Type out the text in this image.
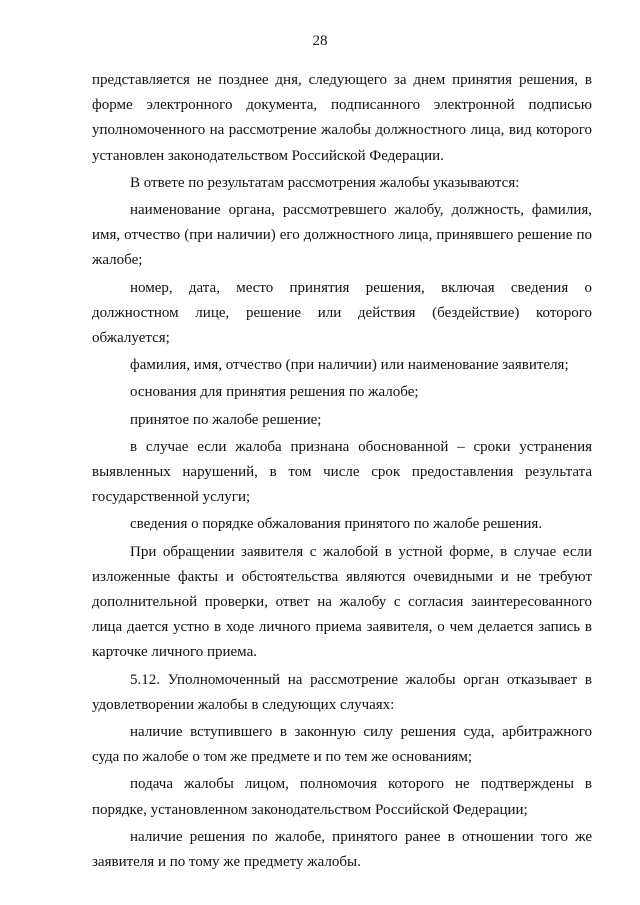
28

представляется не позднее дня, следующего за днем принятия решения, в форме электронного документа, подписанного электронной подписью уполномоченного на рассмотрение жалобы должностного лица, вид которого установлен законодательством Российской Федерации.

В ответе по результатам рассмотрения жалобы указываются:

наименование органа, рассмотревшего жалобу, должность, фамилия, имя, отчество (при наличии) его должностного лица, принявшего решение по жалобе;

номер, дата, место принятия решения, включая сведения о должностном лице, решение или действия (бездействие) которого обжалуется;

фамилия, имя, отчество (при наличии) или наименование заявителя;

основания для принятия решения по жалобе;

принятое по жалобе решение;

в случае если жалоба признана обоснованной – сроки устранения выявленных нарушений, в том числе срок предоставления результата государственной услуги;

сведения о порядке обжалования принятого по жалобе решения.

При обращении заявителя с жалобой в устной форме, в случае если изложенные факты и обстоятельства являются очевидными и не требуют дополнительной проверки, ответ на жалобу с согласия заинтересованного лица дается устно в ходе личного приема заявителя, о чем делается запись в карточке личного приема.

5.12. Уполномоченный на рассмотрение жалобы орган отказывает в удовлетворении жалобы в следующих случаях:

наличие вступившего в законную силу решения суда, арбитражного суда по жалобе о том же предмете и по тем же основаниям;

подача жалобы лицом, полномочия которого не подтверждены в порядке, установленном законодательством Российской Федерации;

наличие решения по жалобе, принятого ранее в отношении того же заявителя и по тому же предмету жалобы.
